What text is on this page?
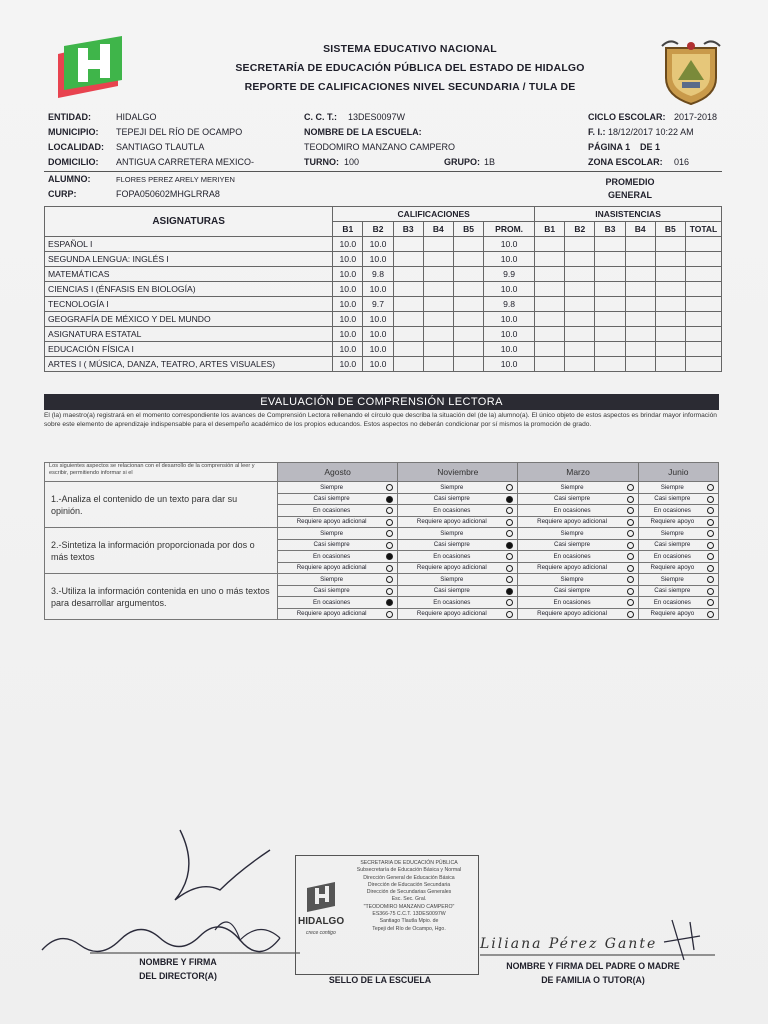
SISTEMA EDUCATIVO NACIONAL
SECRETARÍA DE EDUCACIÓN PÚBLICA DEL ESTADO DE HIDALGO
REPORTE DE CALIFICACIONES NIVEL SECUNDARIA / TULA DE
ENTIDAD:	HIDALGO
MUNICIPIO: TEPEJI DEL RÍO DE OCAMPO
LOCALIDAD: SANTIAGO TLAUTLA
DOMICILIO: ANTIGUA CARRETERA MEXICO-
C. C. T.: 13DES0097W
NOMBRE DE LA ESCUELA:
TEODOMIRO MANZANO CAMPERO
TURNO: 100	GRUPO: 1B
CICLO ESCOLAR: 2017-2018
F. I.: 18/12/2017 10:22 AM
PÁGINA 1 DE 1
ZONA ESCOLAR: 016
ALUMNO:	FLORES PEREZ ARELY MERIYEN
CURP:	FOPA050602MHGLRRA8
PROMEDIO GENERAL
ASIGNATURAS	CALIFICACIONES						INASISTENCIAS					
	B1	B2	B3	B4	B5	PROM.	B1	B2	B3	B4	B5	TOTAL
ESPAÑOL I	10.0	10.0				10.0						
SEGUNDA LENGUA: INGLÉS I	10.0	10.0				10.0						
MATEMÁTICAS	10.0	9.8				9.9						
CIENCIAS I (ÉNFASIS EN BIOLOGÍA)	10.0	10.0				10.0						
TECNOLOGÍA I	10.0	9.7				9.8						
GEOGRAFÍA DE MÉXICO Y DEL MUNDO	10.0	10.0				10.0						
ASIGNATURA ESTATAL	10.0	10.0				10.0						
EDUCACIÓN FÍSICA I	10.0	10.0				10.0						
ARTES I ( MÚSICA, DANZA, TEATRO, ARTES VISUALES)	10.0	10.0				10.0						
EVALUACIÓN DE COMPRENSIÓN LECTORA
El (la) maestro(a) registrará en el momento correspondiente los avances de Comprensión Lectora rellenando el círculo que describa la situación del (de la) alumno(a). El único objeto de estos aspectos es brindar mayor información sobre este elemento de aprendizaje indispensable para el desempeño académico de los propios educandos. Estos aspectos no deberán condicionar por sí mismos la promoción de grado.
Los siguientes aspectos se relacionan con el desarrollo de la comprensión al leer y escribir, permitiendo informar si el	Agosto	Noviembre	Marzo	Junio
1.-Analiza el contenido de un texto para dar su opinión.	Siempre	Siempre	Siempre	Siempre

	Casi siempre	Casi siempre	Casi siempre	Casi siempre

	En ocasiones	En ocasiones	En ocasiones	En ocasiones

	Requiere apoyo adicional	Requiere apoyo adicional	Requiere apoyo adicional	Requiere apoyo

2.-Sintetiza la información proporcionada por dos o más textos	Siempre	Siempre	Siempre	Siempre

	Casi siempre	Casi siempre	Casi siempre	Casi siempre

	En ocasiones	En ocasiones	En ocasiones	En ocasiones

	Requiere apoyo adicional	Requiere apoyo adicional	Requiere apoyo adicional	Requiere apoyo

3.-Utiliza la información contenida en uno o más textos para desarrollar argumentos.	Siempre	Siempre	Siempre	Siempre

	Casi siempre	Casi siempre	Casi siempre	Casi siempre

	En ocasiones	En ocasiones	En ocasiones	En ocasiones

	Requiere apoyo adicional	Requiere apoyo adicional	Requiere apoyo adicional	Requiere apoyo
NOMBRE Y FIRMA
DEL DIRECTOR(A)
HIDALGO
crece contigo
SECRETARIA DE EDUCACIÓN PÚBLICA
Subsecretaría de Educación Básica y Normal
Dirección General de Educación Básica
Dirección de Educación Secundaria
Dirección de Secundarias Generales
Esc. Sec. Gral.
"TEODOMIRO MANZANO CAMPERO"
ES366-75 C.C.T. 13DES0097W
Santiago Tlautla Mpio. de
Tepeji del Río de Ocampo, Hgo.
SELLO DE LA ESCUELA
Liliana Pérez Gante
NOMBRE Y FIRMA DEL PADRE O MADRE
DE FAMILIA O TUTOR(A)
